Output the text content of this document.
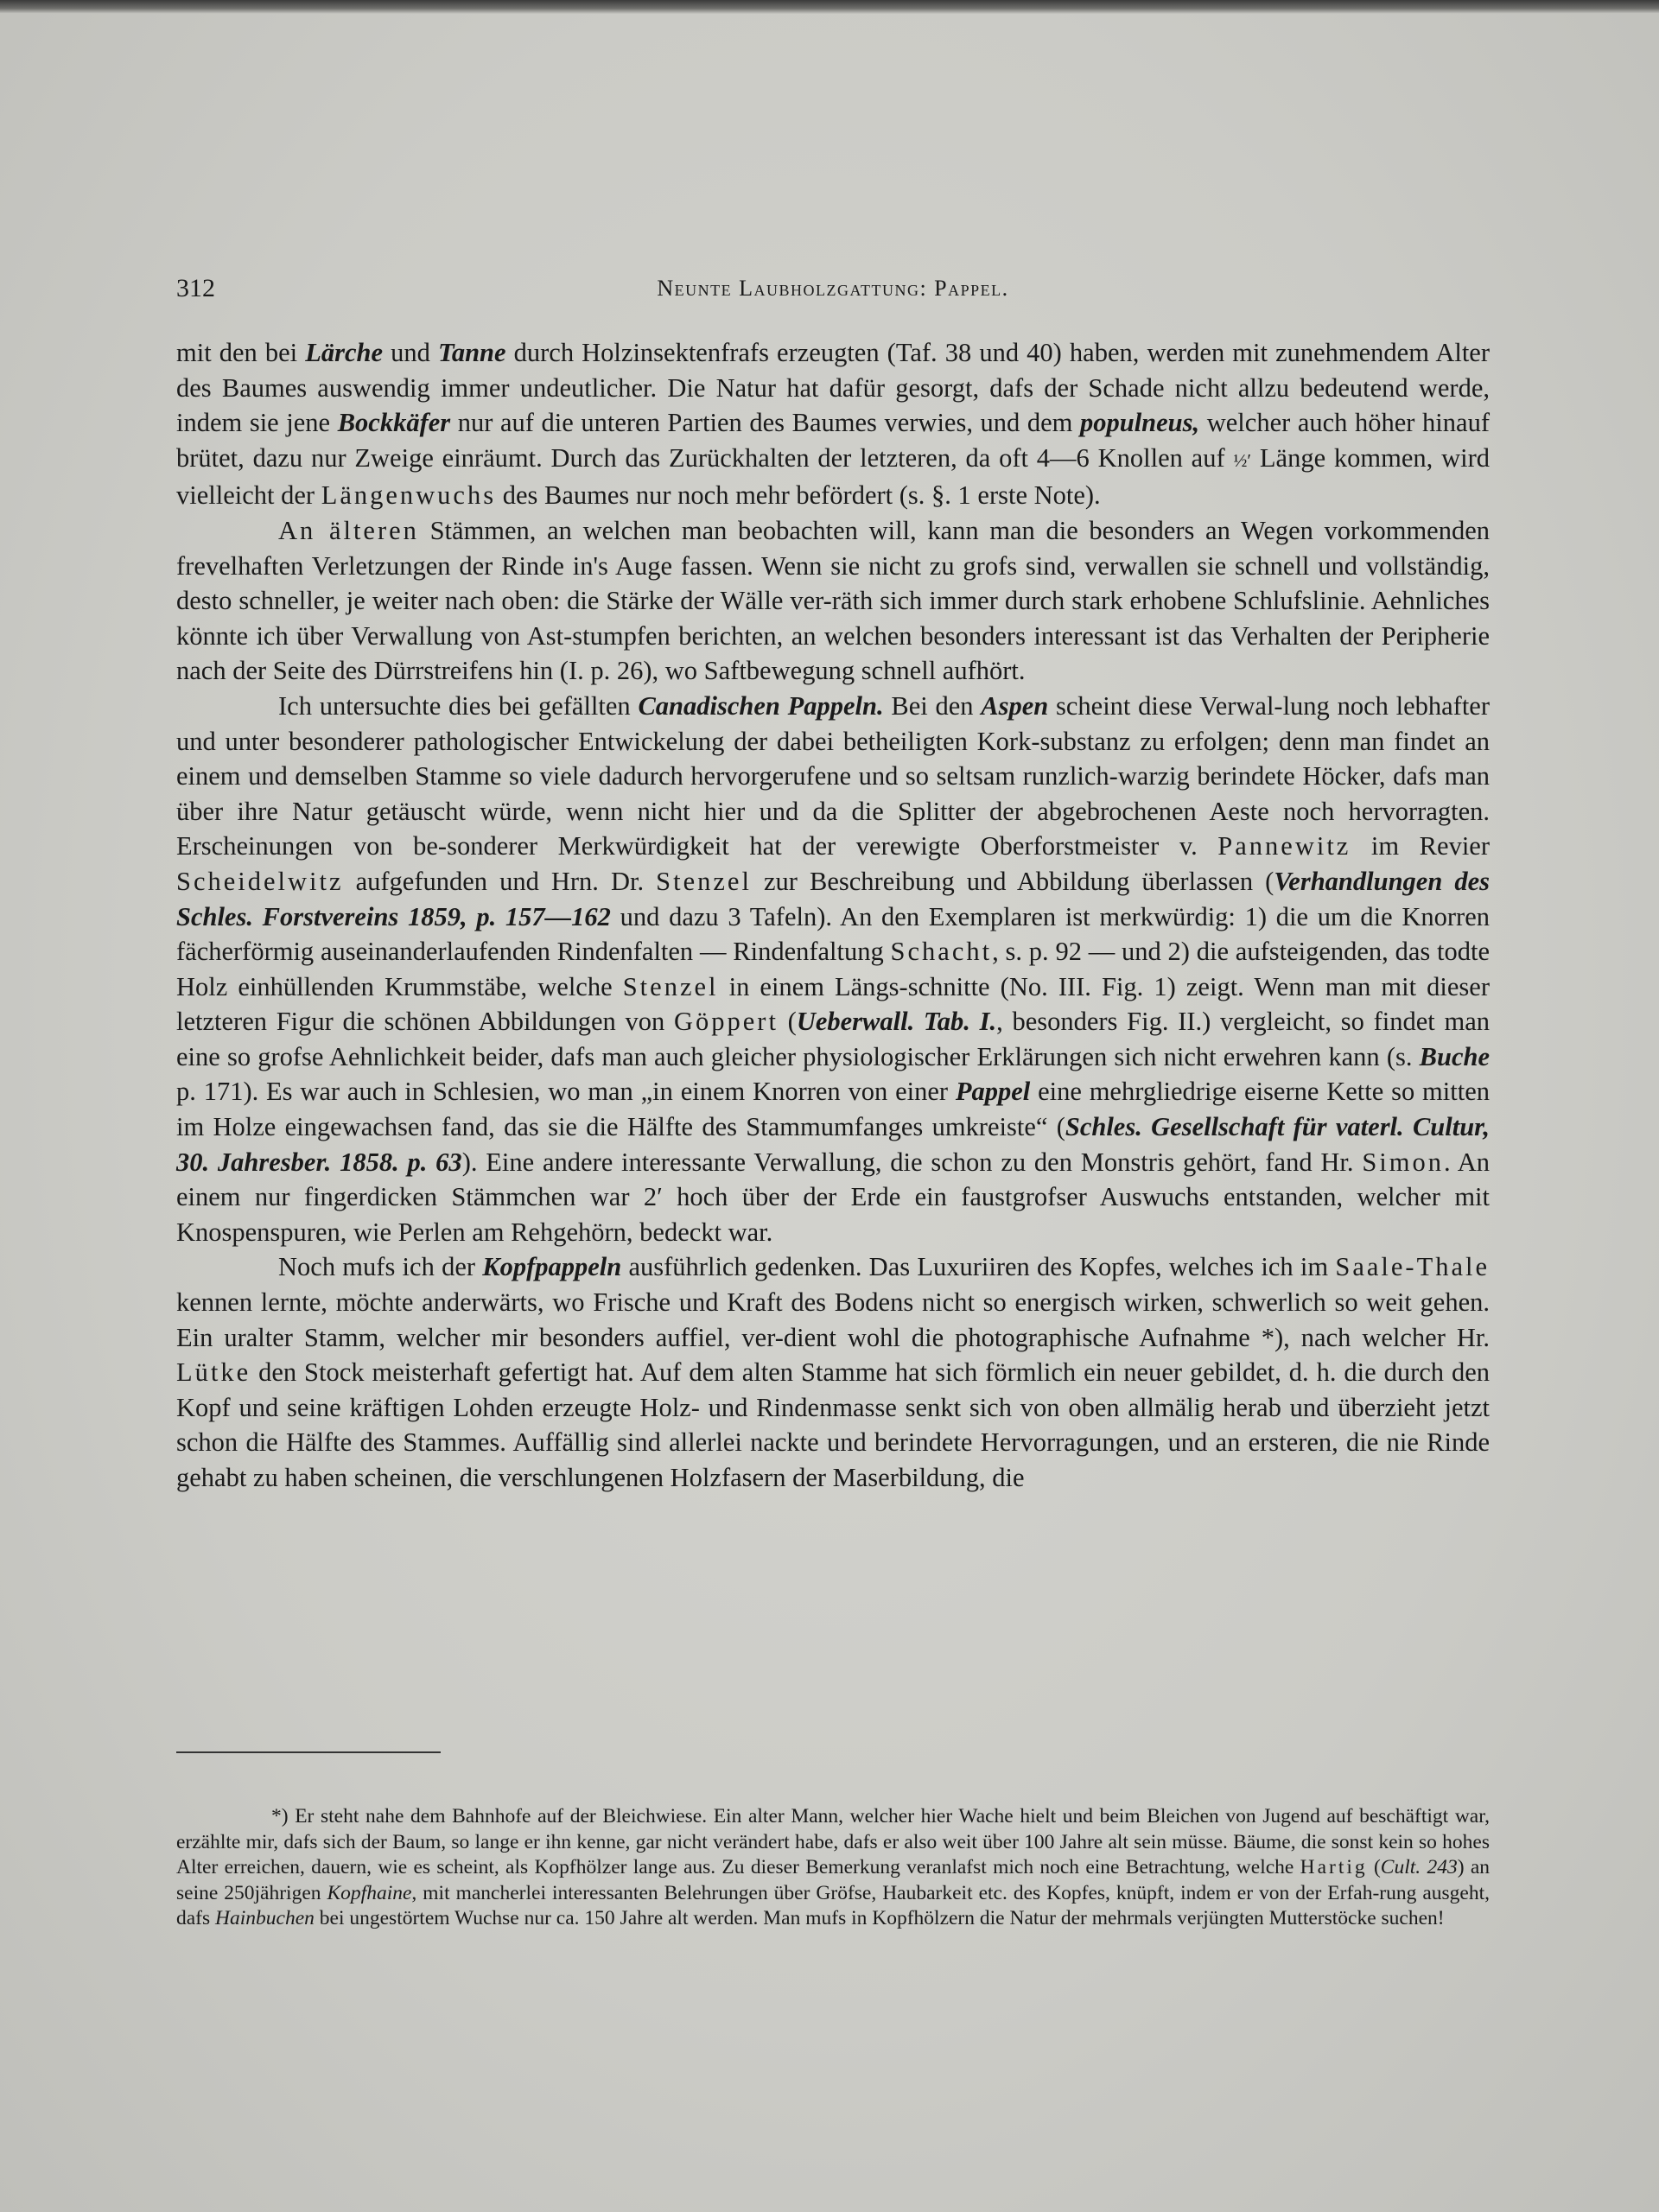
312	Neunte Laubholzgattung: Pappel.

mit den bei Lärche und Tanne durch Holzinsektenfrafs erzeugten (Taf. 38 und 40) haben, werden mit zunehmendem Alter des Baumes auswendig immer undeutlicher. Die Natur hat dafür gesorgt, dafs der Schade nicht allzu bedeutend werde, indem sie jene Bockkäfer nur auf die unteren Partien des Baumes verwies, und dem populneus, welcher auch höher hinauf brütet, dazu nur Zweige einräumt. Durch das Zurückhalten der letzteren, da oft 4—6 Knollen auf ½′ Länge kommen, wird vielleicht der Längenwuchs des Baumes nur noch mehr befördert (s. §. 1 erste Note).

An älteren Stämmen, an welchen man beobachten will, kann man die besonders an Wegen vorkommenden frevelhaften Verletzungen der Rinde in's Auge fassen. Wenn sie nicht zu grofs sind, verwallen sie schnell und vollständig, desto schneller, je weiter nach oben: die Stärke der Wälle ver-räth sich immer durch stark erhobene Schlufslinie. Aehnliches könnte ich über Verwallung von Ast-stumpfen berichten, an welchen besonders interessant ist das Verhalten der Peripherie nach der Seite des Dürrstreifens hin (I. p. 26), wo Saftbewegung schnell aufhört.

Ich untersuchte dies bei gefällten Canadischen Pappeln. Bei den Aspen scheint diese Verwal-lung noch lebhafter und unter besonderer pathologischer Entwickelung der dabei betheiligten Kork-substanz zu erfolgen; denn man findet an einem und demselben Stamme so viele dadurch hervorgerufene und so seltsam runzlich-warzig berindete Höcker, dafs man über ihre Natur getäuscht würde, wenn nicht hier und da die Splitter der abgebrochenen Aeste noch hervorragten. Erscheinungen von be-sonderer Merkwürdigkeit hat der verewigte Oberforstmeister v. Pannewitz im Revier Scheidelwitz aufgefunden und Hrn. Dr. Stenzel zur Beschreibung und Abbildung überlassen (Verhandlungen des Schles. Forstvereins 1859, p. 157—162 und dazu 3 Tafeln). An den Exemplaren ist merkwürdig: 1) die um die Knorren fächerförmig auseinanderlaufenden Rindenfalten — Rindenfaltung Schacht, s. p. 92 — und 2) die aufsteigenden, das todte Holz einhüllenden Krummstäbe, welche Stenzel in einem Längs-schnitte (No. III. Fig. 1) zeigt. Wenn man mit dieser letzteren Figur die schönen Abbildungen von Göppert (Ueberwall. Tab. I., besonders Fig. II.) vergleicht, so findet man eine so grofse Aehnlichkeit beider, dafs man auch gleicher physiologischer Erklärungen sich nicht erwehren kann (s. Buche p. 171). Es war auch in Schlesien, wo man „in einem Knorren von einer Pappel eine mehrgliedrige eiserne Kette so mitten im Holze eingewachsen fand, das sie die Hälfte des Stammumfanges umkreiste“ (Schles. Gesellschaft für vaterl. Cultur, 30. Jahresber. 1858. p. 63). Eine andere interessante Verwallung, die schon zu den Monstris gehört, fand Hr. Simon. An einem nur fingerdicken Stämmchen war 2′ hoch über der Erde ein faustgrofser Auswuchs entstanden, welcher mit Knospenspuren, wie Perlen am Rehgehörn, bedeckt war.

Noch mufs ich der Kopfpappeln ausführlich gedenken. Das Luxuriiren des Kopfes, welches ich im Saale-Thale kennen lernte, möchte anderwärts, wo Frische und Kraft des Bodens nicht so energisch wirken, schwerlich so weit gehen. Ein uralter Stamm, welcher mir besonders auffiel, ver-dient wohl die photographische Aufnahme *), nach welcher Hr. Lütke den Stock meisterhaft gefertigt hat. Auf dem alten Stamme hat sich förmlich ein neuer gebildet, d. h. die durch den Kopf und seine kräftigen Lohden erzeugte Holz- und Rindenmasse senkt sich von oben allmälig herab und überzieht jetzt schon die Hälfte des Stammes. Auffällig sind allerlei nackte und berindete Hervorragungen, und an ersteren, die nie Rinde gehabt zu haben scheinen, die verschlungenen Holzfasern der Maserbildung, die

*) Er steht nahe dem Bahnhofe auf der Bleichwiese. Ein alter Mann, welcher hier Wache hielt und beim Bleichen von Jugend auf beschäftigt war, erzählte mir, dafs sich der Baum, so lange er ihn kenne, gar nicht verändert habe, dafs er also weit über 100 Jahre alt sein müsse. Bäume, die sonst kein so hohes Alter erreichen, dauern, wie es scheint, als Kopfhölzer lange aus. Zu dieser Bemerkung veranlafst mich noch eine Betrachtung, welche Hartig (Cult. 243) an seine 250jährigen Kopfhaine, mit mancherlei interessanten Belehrungen über Gröfse, Haubarkeit etc. des Kopfes, knüpft, indem er von der Erfah-rung ausgeht, dafs Hainbuchen bei ungestörtem Wuchse nur ca. 150 Jahre alt werden. Man mufs in Kopfhölzern die Natur der mehrmals verjüngten Mutterstöcke suchen!
